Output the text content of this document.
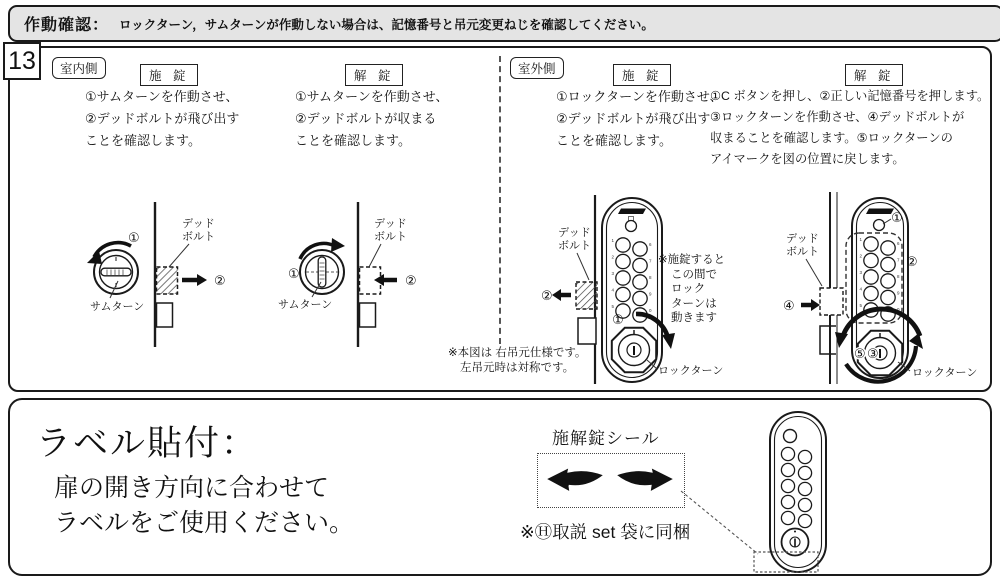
作動確認： ロックターン，サムターンが作動しない場合は、記憶番号と吊元変更ねじを確認してください。
13	室内側	室外側
施 錠	解 錠	施 錠	解 錠
①サムターンを作動させ、
②デッドボルトが飛び出す
ことを確認します。
①サムターンを作動させ、
②デッドボルトが収まる
ことを確認します。
①ロックターンを作動させ、
②デッドボルトが飛び出す
ことを確認します。
①C ボタンを押し、②正しい記憶番号を押します。
③ロックターンを作動させ、④デッドボルトが
収まることを確認します。⑤ロックターンの
アイマークを図の位置に戻します。
②
デッド
ボルト
①
サムターン
②
デッド
ボルト
①
サムターン
※本図は 右吊元仕様です。
左吊元時は対称です。
1
2
3
4
5
6
7
8
9
0
①
デッド
ボルト
②
ロックターン
※施錠すると
この間で
ロック
ターンは
動きます
1
2
3
4
5
6
7
8
9
0
②
①
デッド
ボルト
④
⑤ ③
ロックターン
ラベル貼付：
扉の開き方向に合わせて
ラベルをご使用ください。
施解錠シール
Open	Open
※Ⓗ取説 set 袋に同梱
